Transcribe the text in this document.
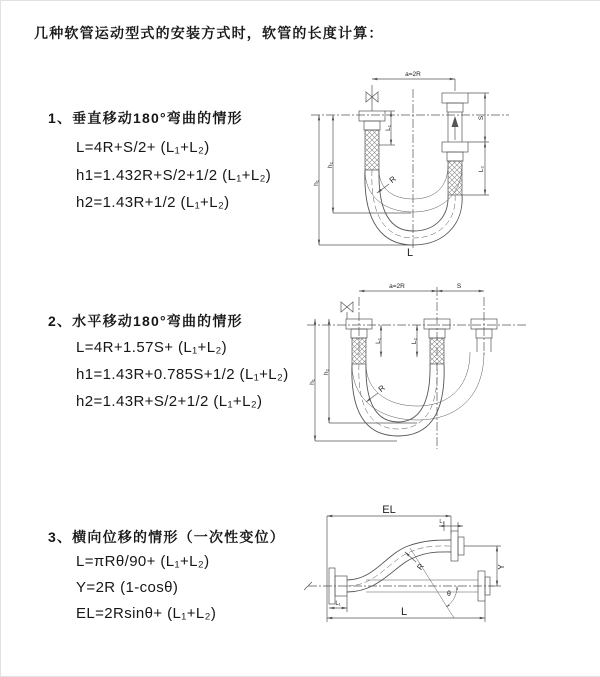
几种软管运动型式的安装方式时，软管的长度计算：
1、垂直移动180°弯曲的情形
L=4R+S/2+ (L₁+L₂)
h1=1.432R+S/2+1/2 (L₁+L₂)
h2=1.43R+1/2 (L₁+L₂)
2、水平移动180°弯曲的情形
L=4R+1.57S+ (L₁+L₂)
h1=1.43R+0.785S+1/2 (L₁+L₂)
h2=1.43R+S/2+1/2 (L₁+L₂)
3、横向位移的情形（一次性变位）
L=πRθ/90+ (L₁+L₂)
Y=2R (1-cosθ)
EL=2Rsinθ+ (L₁+L₂)
a=2R
S
L₂
L₁
h₁
h₂
R
L
a=2R	S
h₁
h₂
L₁	L₂
R
EL
L₂
Y
L
L₁
R
θ
